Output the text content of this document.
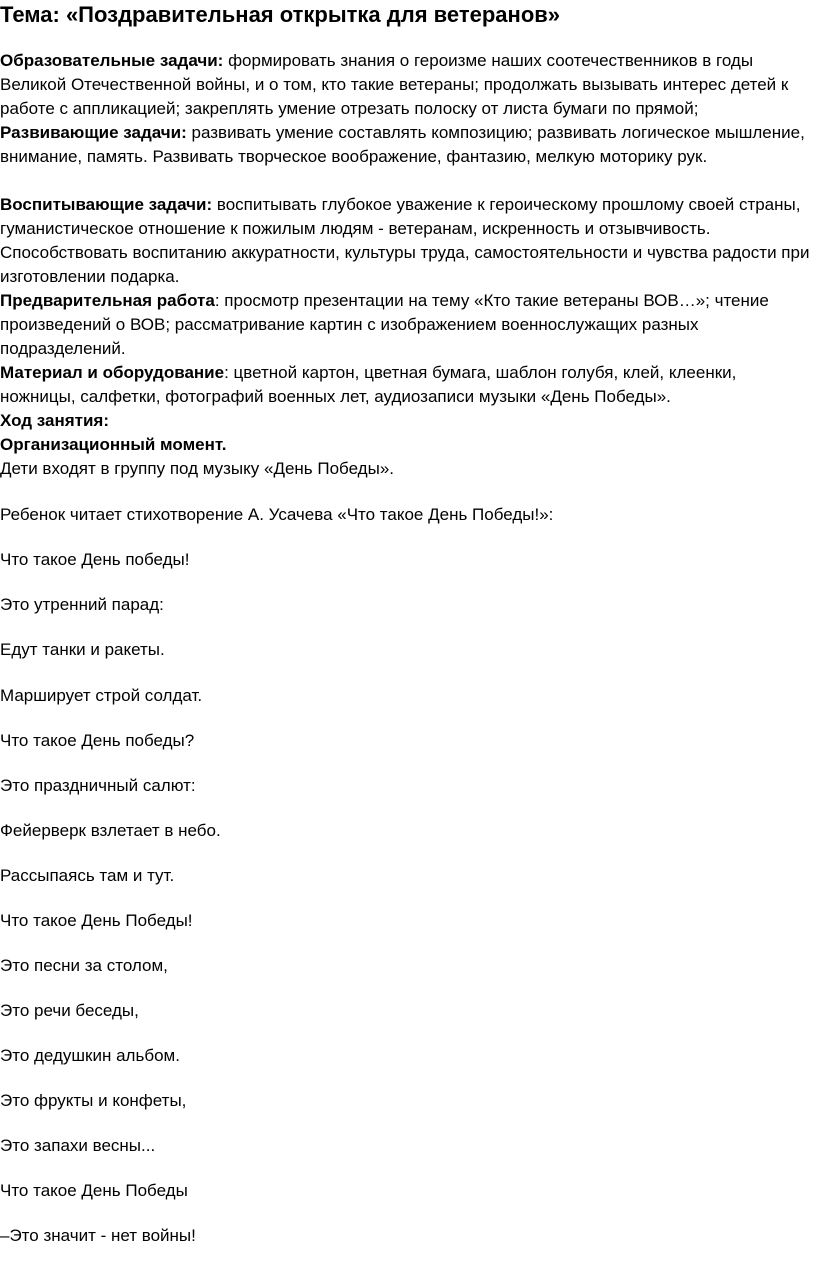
Тема: «Поздравительная открытка для ветеранов»

Образовательные задачи: формировать знания о героизме наших соотечественников в годы Великой Отечественной войны, и о том, кто такие ветераны; продолжать вызывать интерес детей к работе с аппликацией; закреплять умение отрезать полоску от листа бумаги по прямой;

Развивающие задачи: развивать умение составлять композицию; развивать логическое мышление, внимание, память. Развивать творческое воображение, фантазию, мелкую моторику рук.

Воспитывающие задачи: воспитывать глубокое уважение к героическому прошлому своей страны, гуманистическое отношение к пожилым людям - ветеранам, искренность и отзывчивость. Способствовать воспитанию аккуратности, культуры труда, самостоятельности и чувства радости при изготовлении подарка.

Предварительная работа: просмотр презентации на тему «Кто такие ветераны ВОВ…»; чтение произведений о ВОВ; рассматривание картин с изображением военнослужащих разных подразделений.

Материал и оборудование: цветной картон, цветная бумага, шаблон голубя, клей, клеенки, ножницы, салфетки, фотографий военных лет, аудиозаписи музыки «День Победы».

Ход занятия:

Организационный момент.

Дети входят в группу под музыку «День Победы».

Ребенок читает стихотворение А. Усачева «Что такое День Победы!»:

Что такое День победы!

Это утренний парад:

Едут танки и ракеты.

Марширует строй солдат.

Что такое День победы?

Это праздничный салют:

Фейерверк взлетает в небо.

Рассыпаясь там и тут.

Что такое День Победы!

Это песни за столом,

Это речи беседы,

Это дедушкин альбом.

Это фрукты и конфеты,

Это запахи весны...

Что такое День Победы

–Это значит - нет войны!
